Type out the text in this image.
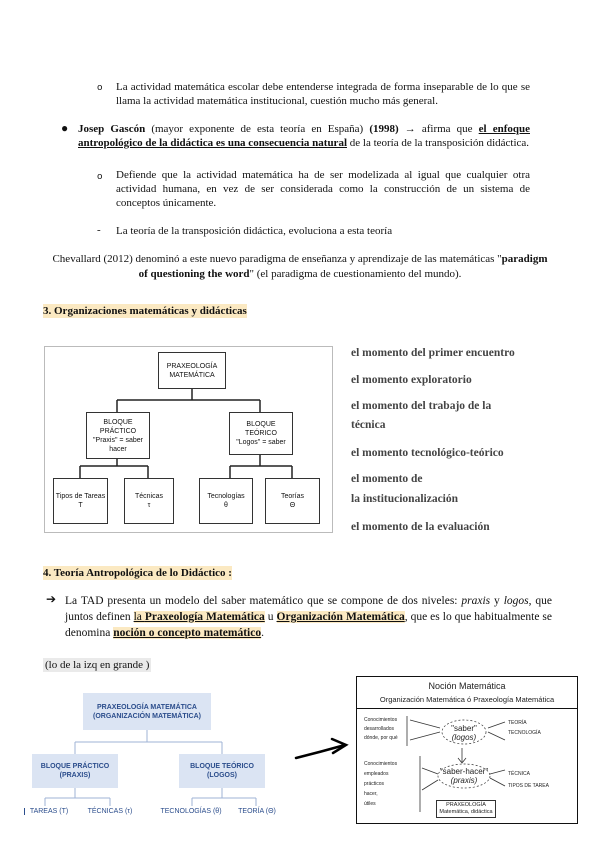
o La actividad matemática escolar debe entenderse integrada de forma inseparable de lo que se llama la actividad matemática institucional, cuestión mucho más general.
● Josep Gascón (mayor exponente de esta teoría en España) (1998) → afirma que el enfoque antropológico de la didáctica es una consecuencia natural de la teoría de la transposición didáctica.
o Defiende que la actividad matemática ha de ser modelizada al igual que cualquier otra actividad humana, en vez de ser considerada como la construcción de un sistema de conceptos únicamente.
- La teoría de la transposición didáctica, evoluciona a esta teoría
Chevallard (2012) denominó a este nuevo paradigma de enseñanza y aprendizaje de las matemáticas "paradigm of questioning the word" (el paradigma de cuestionamiento del mundo).
3. Organizaciones matemáticas y didácticas
PRAXEOLOGÍA
MATEMÁTICA
BLOQUE
PRÁCTICO
"Praxis" = saber
hacer
BLOQUE TEÓRICO
"Logos" = saber
Tipos de Tareas
T
Técnicas
τ
Tecnologías
θ
Teorías
Θ
el momento del primer encuentro
el momento exploratorio
el momento del trabajo de la
técnica
el momento tecnológico-teórico
el momento de
la institucionalización
el momento de la evaluación
4. Teoría Antropológica de lo Didáctico :
➔ La TAD presenta un modelo del saber matemático que se compone de dos niveles: praxis y logos, que juntos definen la Praxeología Matemática u Organización Matemática, que es lo que habitualmente se denomina noción o concepto matemático.
(lo de la izq en grande )
PRAXEOLOGÍA MATEMÁTICA
(ORGANIZACIÓN MATEMÁTICA)
BLOQUE PRÁCTICO
(PRAXIS)
BLOQUE TEÓRICO
(LOGOS)
TAREAS (T)	TÉCNICAS (τ)	TECNOLOGÍAS (θ)	TEORÍA (Θ)
Noción Matemática
Organización Matemática ó Praxeología Matemática
Conocimientos
desarrollados
dónde, por qué
"saber"
(logos)
TEORÍA
TECNOLOGÍA
Conocimientos
empleados
prácticos
hacer,
útiles
"saber-hacer"
(praxis)
TÉCNICA
TIPOS DE TAREA
PRAXEOLOGÍA
Matemática, didáctica
